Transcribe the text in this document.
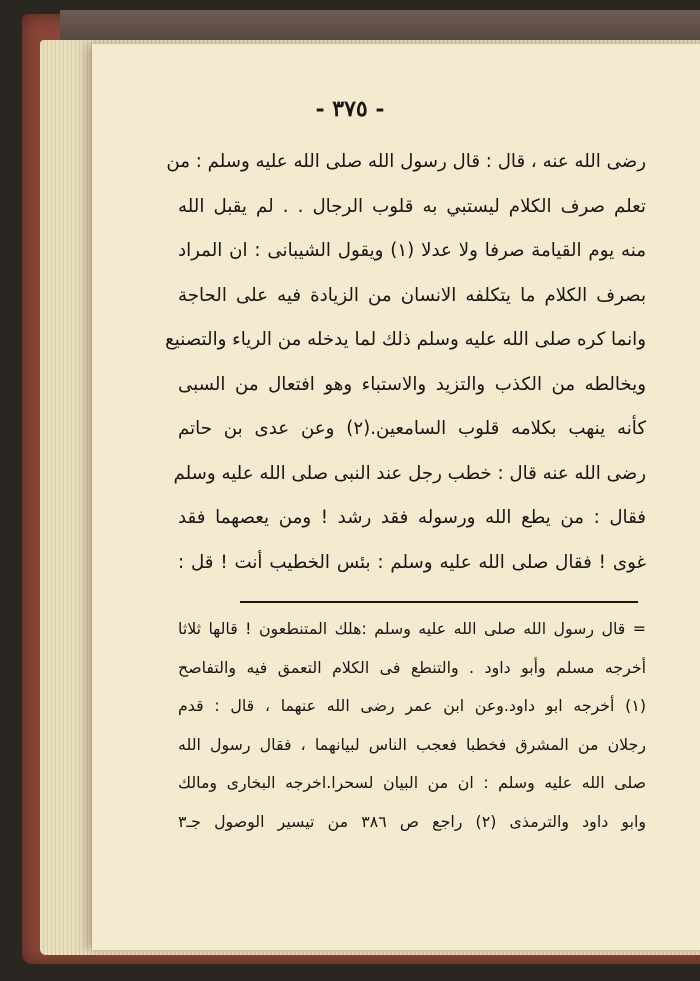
- ٣٧٥ -
رضى الله عنه ، قال : قال رسول الله صلى الله عليه وسلم : من
تعلم صرف الكلام ليستبي به قلوب الرجال . . لم يقبل الله
منه يوم القيامة صرفا ولا عدلا (١) ويقول الشيبانى : ان المراد
بصرف الكلام ما يتكلفه الانسان من الزيادة فيه على الحاجة
وانما كره صلى الله عليه وسلم ذلك لما يدخله من الرياء والتصنيع
ويخالطه من الكذب والتزيد والاستباء وهو افتعال من السبى
كأنه ينهب بكلامه قلوب السامعين.(٢) وعن عدى بن حاتم
رضى الله عنه قال : خطب رجل عند النبى صلى الله عليه وسلم
فقال : من يطع الله ورسوله فقد رشد ! ومن يعصهما فقد
غوى ! فقال صلى الله عليه وسلم : بئس الخطيب أنت ! قل :
= قال رسول الله صلى الله عليه وسلم :هلك المتنطعون ! قالها ثلاثا
أخرجه مسلم وأبو داود . والتنطع فى الكلام التعمق فيه والتفاصح
(١) أخرجه ابو داود.وعن ابن عمر رضى الله عنهما ، قال : قدم
رجلان من المشرق فخطبا فعجب الناس لبيانهما ، فقال رسول الله
صلى الله عليه وسلم : ان من البيان لسحرا.اخرجه البخارى ومالك
وابو داود والترمذى (٢) راجع ص ٣٨٦ من تيسير الوصول جـ٣
